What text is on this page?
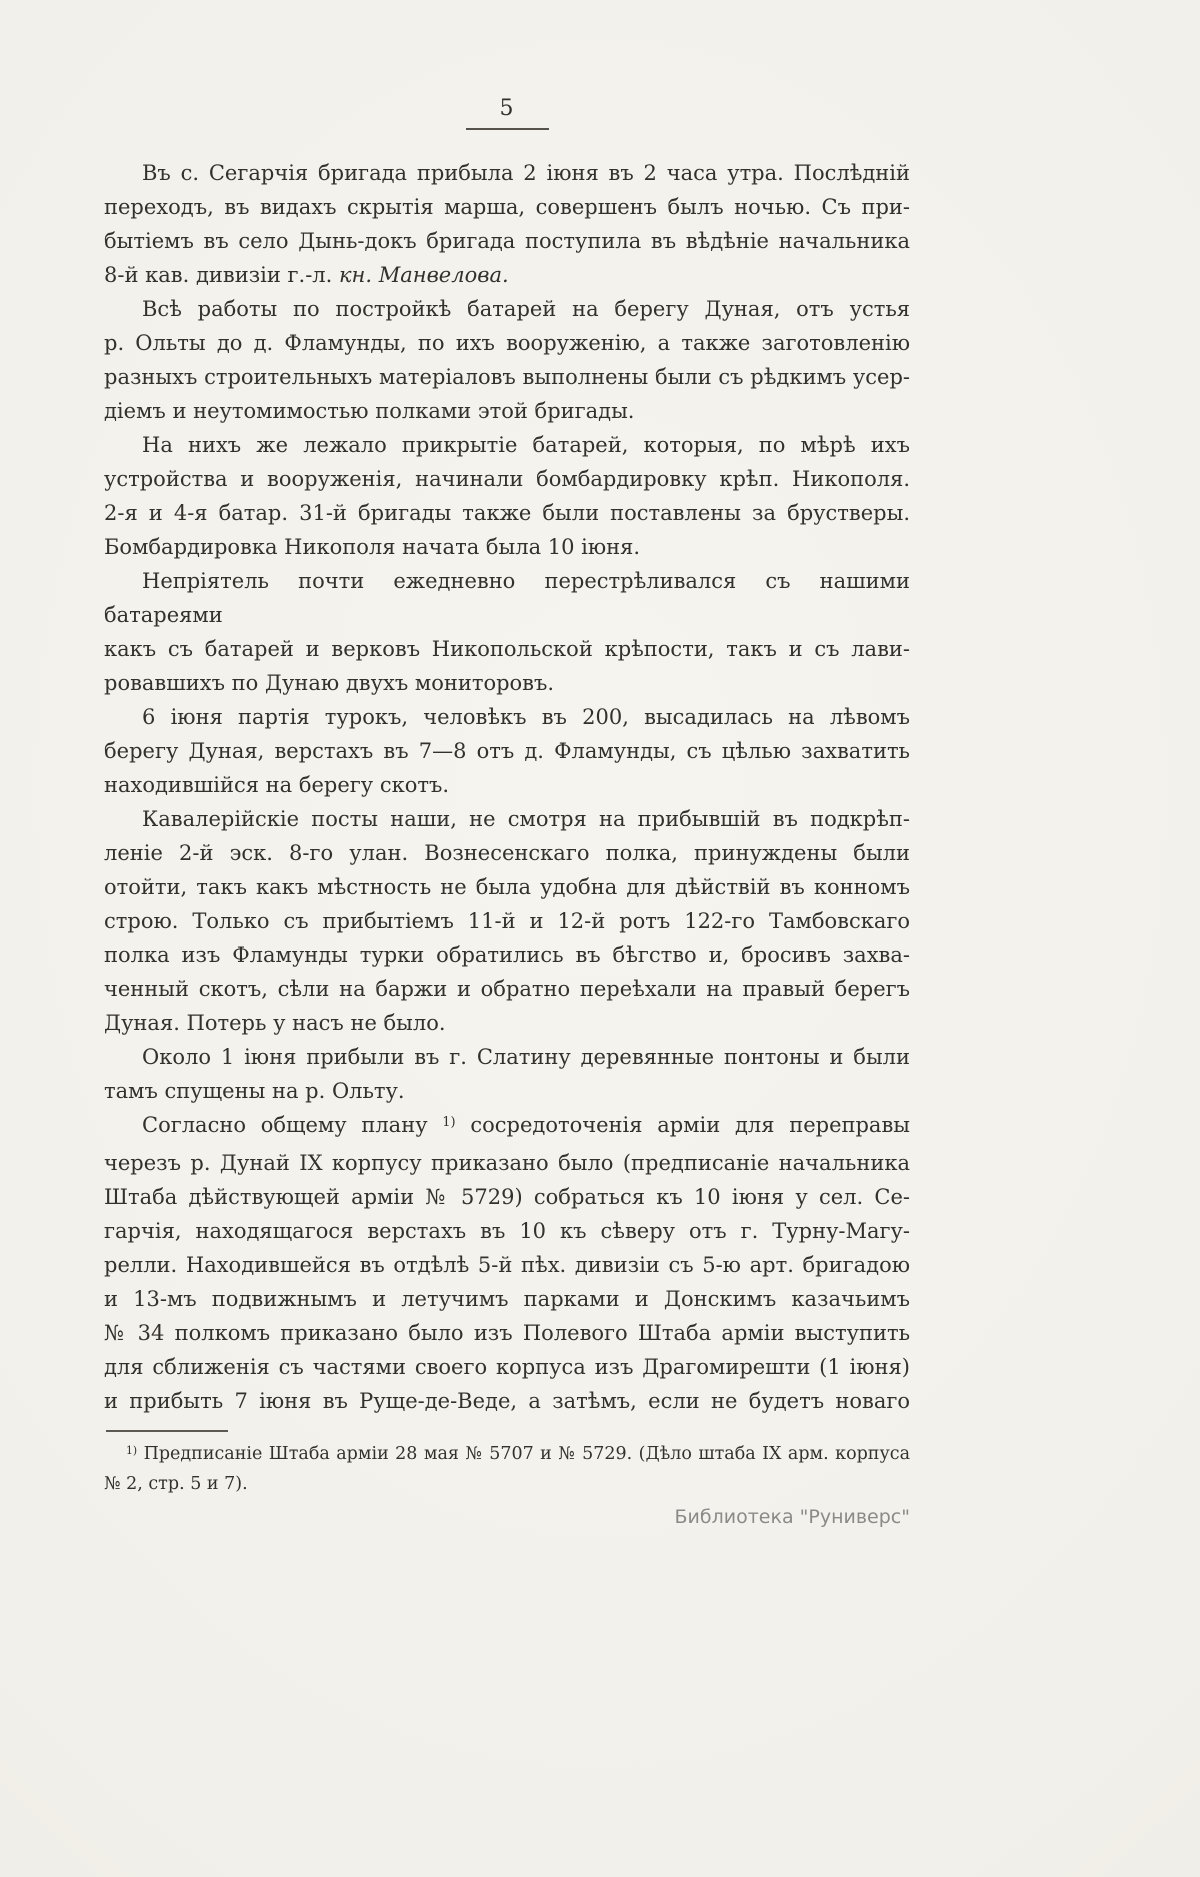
5
Въ с. Сегарчія бригада прибыла 2 іюня въ 2 часа утра. Послѣдній
переходъ, въ видахъ скрытія марша, совершенъ былъ ночью. Съ при-
бытіемъ въ село Дынь-докъ бригада поступила въ вѣдѣніе начальника
8-й кав. дивизіи г.-л. кн. Манвелова.
Всѣ работы по постройкѣ батарей на берегу Дуная, отъ устья
р. Ольты до д. Фламунды, по ихъ вооруженію, а также заготовленію
разныхъ строительныхъ матеріаловъ выполнены были съ рѣдкимъ усер-
діемъ и неутомимостью полками этой бригады.
На нихъ же лежало прикрытіе батарей, которыя, по мѣрѣ ихъ
устройства и вооруженія, начинали бомбардировку крѣп. Никополя.
2-я и 4-я батар. 31-й бригады также были поставлены за брустверы.
Бомбардировка Никополя начата была 10 іюня.
Непріятель почти ежедневно перестрѣливался съ нашими батареями
какъ съ батарей и верковъ Никопольской крѣпости, такъ и съ лави-
ровавшихъ по Дунаю двухъ мониторовъ.
6 іюня партія турокъ, человѣкъ въ 200, высадилась на лѣвомъ
берегу Дуная, верстахъ въ 7—8 отъ д. Фламунды, съ цѣлью захватить
находившійся на берегу скотъ.
Кавалерійскіе посты наши, не смотря на прибывшій въ подкрѣп-
леніе 2-й эск. 8-го улан. Вознесенскаго полка, принуждены были
отойти, такъ какъ мѣстность не была удобна для дѣйствій въ конномъ
строю. Только съ прибытіемъ 11-й и 12-й ротъ 122-го Тамбовскаго
полка изъ Фламунды турки обратились въ бѣгство и, бросивъ захва-
ченный скотъ, сѣли на баржи и обратно переѣхали на правый берегъ
Дуная. Потерь у насъ не было.
Около 1 іюня прибыли въ г. Слатину деревянные понтоны и были
тамъ спущены на р. Ольту.
Согласно общему плану $^{1)}$ сосредоточенія арміи для переправы
черезъ р. Дунай IX корпусу приказано было (предписаніе начальника
Штаба дѣйствующей арміи № 5729) собраться къ 10 іюня у сел. Се-
гарчія, находящагося верстахъ въ 10 къ сѣверу отъ г. Турну-Магу-
релли. Находившейся въ отдѣлѣ 5-й пѣх. дивизіи съ 5-ю арт. бригадою
и 13-мъ подвижнымъ и летучимъ парками и Донскимъ казачьимъ
№ 34 полкомъ приказано было изъ Полевого Штаба арміи выступить
для сближенія съ частями своего корпуса изъ Драгомирешти (1 іюня)
и прибыть 7 іюня въ Руще-де-Веде, а затѣмъ, если не будетъ новаго
$^{1)}$ Предписаніе Штаба арміи 28 мая № 5707 и № 5729. (Дѣло штаба IX арм. корпуса
№ 2, стр. 5 и 7).
Библиотека "Руниверс"
